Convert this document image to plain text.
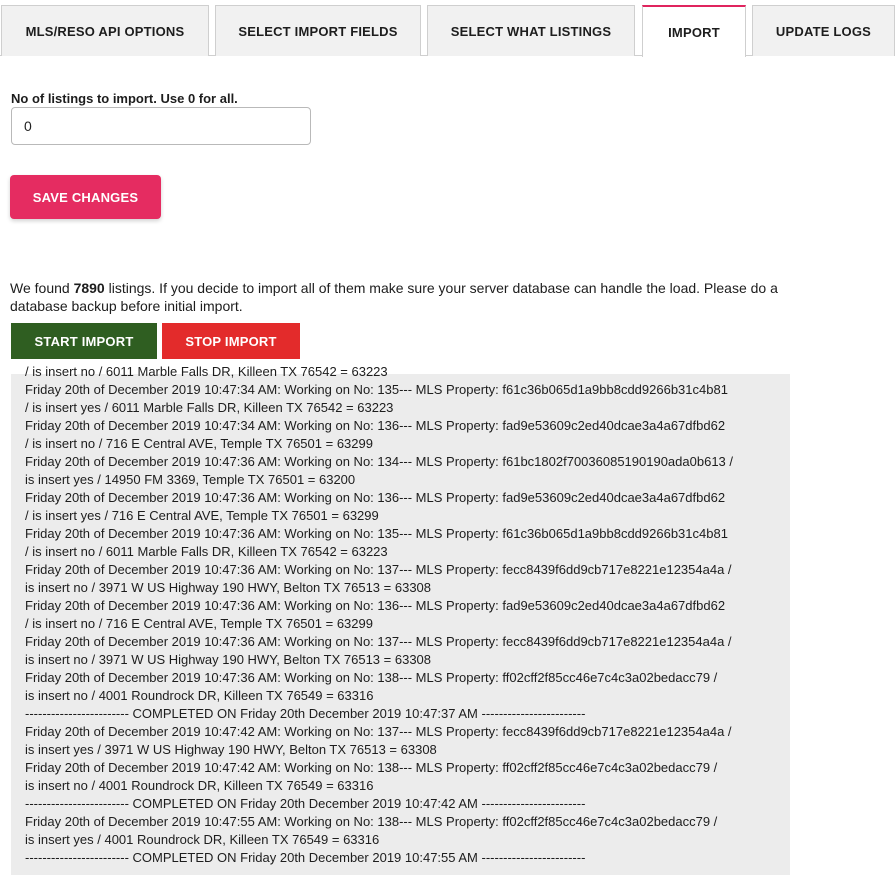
MLS/RESO API OPTIONS	SELECT IMPORT FIELDS	SELECT WHAT LISTINGS	IMPORT	UPDATE LOGS
No of listings to import. Use 0 for all.
0
SAVE CHANGES
We found 7890 listings. If you decide to import all of them make sure your server database can handle the load. Please do a database backup before initial import.
START IMPORT	STOP IMPORT
/ is insert no / 6011 Marble Falls DR, Killeen TX 76542 = 63223
Friday 20th of December 2019 10:47:34 AM: Working on No: 135--- MLS Property: f61c36b065d1a9bb8cdd9266b31c4b81
/ is insert yes / 6011 Marble Falls DR, Killeen TX 76542 = 63223
Friday 20th of December 2019 10:47:34 AM: Working on No: 136--- MLS Property: fad9e53609c2ed40dcae3a4a67dfbd62
/ is insert no / 716 E Central AVE, Temple TX 76501 = 63299
Friday 20th of December 2019 10:47:36 AM: Working on No: 134--- MLS Property: f61bc1802f70036085190190ada0b613 /
is insert yes / 14950 FM 3369, Temple TX 76501 = 63200
Friday 20th of December 2019 10:47:36 AM: Working on No: 136--- MLS Property: fad9e53609c2ed40dcae3a4a67dfbd62
/ is insert yes / 716 E Central AVE, Temple TX 76501 = 63299
Friday 20th of December 2019 10:47:36 AM: Working on No: 135--- MLS Property: f61c36b065d1a9bb8cdd9266b31c4b81
/ is insert no / 6011 Marble Falls DR, Killeen TX 76542 = 63223
Friday 20th of December 2019 10:47:36 AM: Working on No: 137--- MLS Property: fecc8439f6dd9cb717e8221e12354a4a /
is insert no / 3971 W US Highway 190 HWY, Belton TX 76513 = 63308
Friday 20th of December 2019 10:47:36 AM: Working on No: 136--- MLS Property: fad9e53609c2ed40dcae3a4a67dfbd62
/ is insert no / 716 E Central AVE, Temple TX 76501 = 63299
Friday 20th of December 2019 10:47:36 AM: Working on No: 137--- MLS Property: fecc8439f6dd9cb717e8221e12354a4a /
is insert no / 3971 W US Highway 190 HWY, Belton TX 76513 = 63308
Friday 20th of December 2019 10:47:36 AM: Working on No: 138--- MLS Property: ff02cff2f85cc46e7c4c3a02bedacc79 /
is insert no / 4001 Roundrock DR, Killeen TX 76549 = 63316
------------------------ COMPLETED ON Friday 20th December 2019 10:47:37 AM ------------------------
Friday 20th of December 2019 10:47:42 AM: Working on No: 137--- MLS Property: fecc8439f6dd9cb717e8221e12354a4a /
is insert yes / 3971 W US Highway 190 HWY, Belton TX 76513 = 63308
Friday 20th of December 2019 10:47:42 AM: Working on No: 138--- MLS Property: ff02cff2f85cc46e7c4c3a02bedacc79 /
is insert no / 4001 Roundrock DR, Killeen TX 76549 = 63316
------------------------ COMPLETED ON Friday 20th December 2019 10:47:42 AM ------------------------
Friday 20th of December 2019 10:47:55 AM: Working on No: 138--- MLS Property: ff02cff2f85cc46e7c4c3a02bedacc79 /
is insert yes / 4001 Roundrock DR, Killeen TX 76549 = 63316
------------------------ COMPLETED ON Friday 20th December 2019 10:47:55 AM ------------------------
